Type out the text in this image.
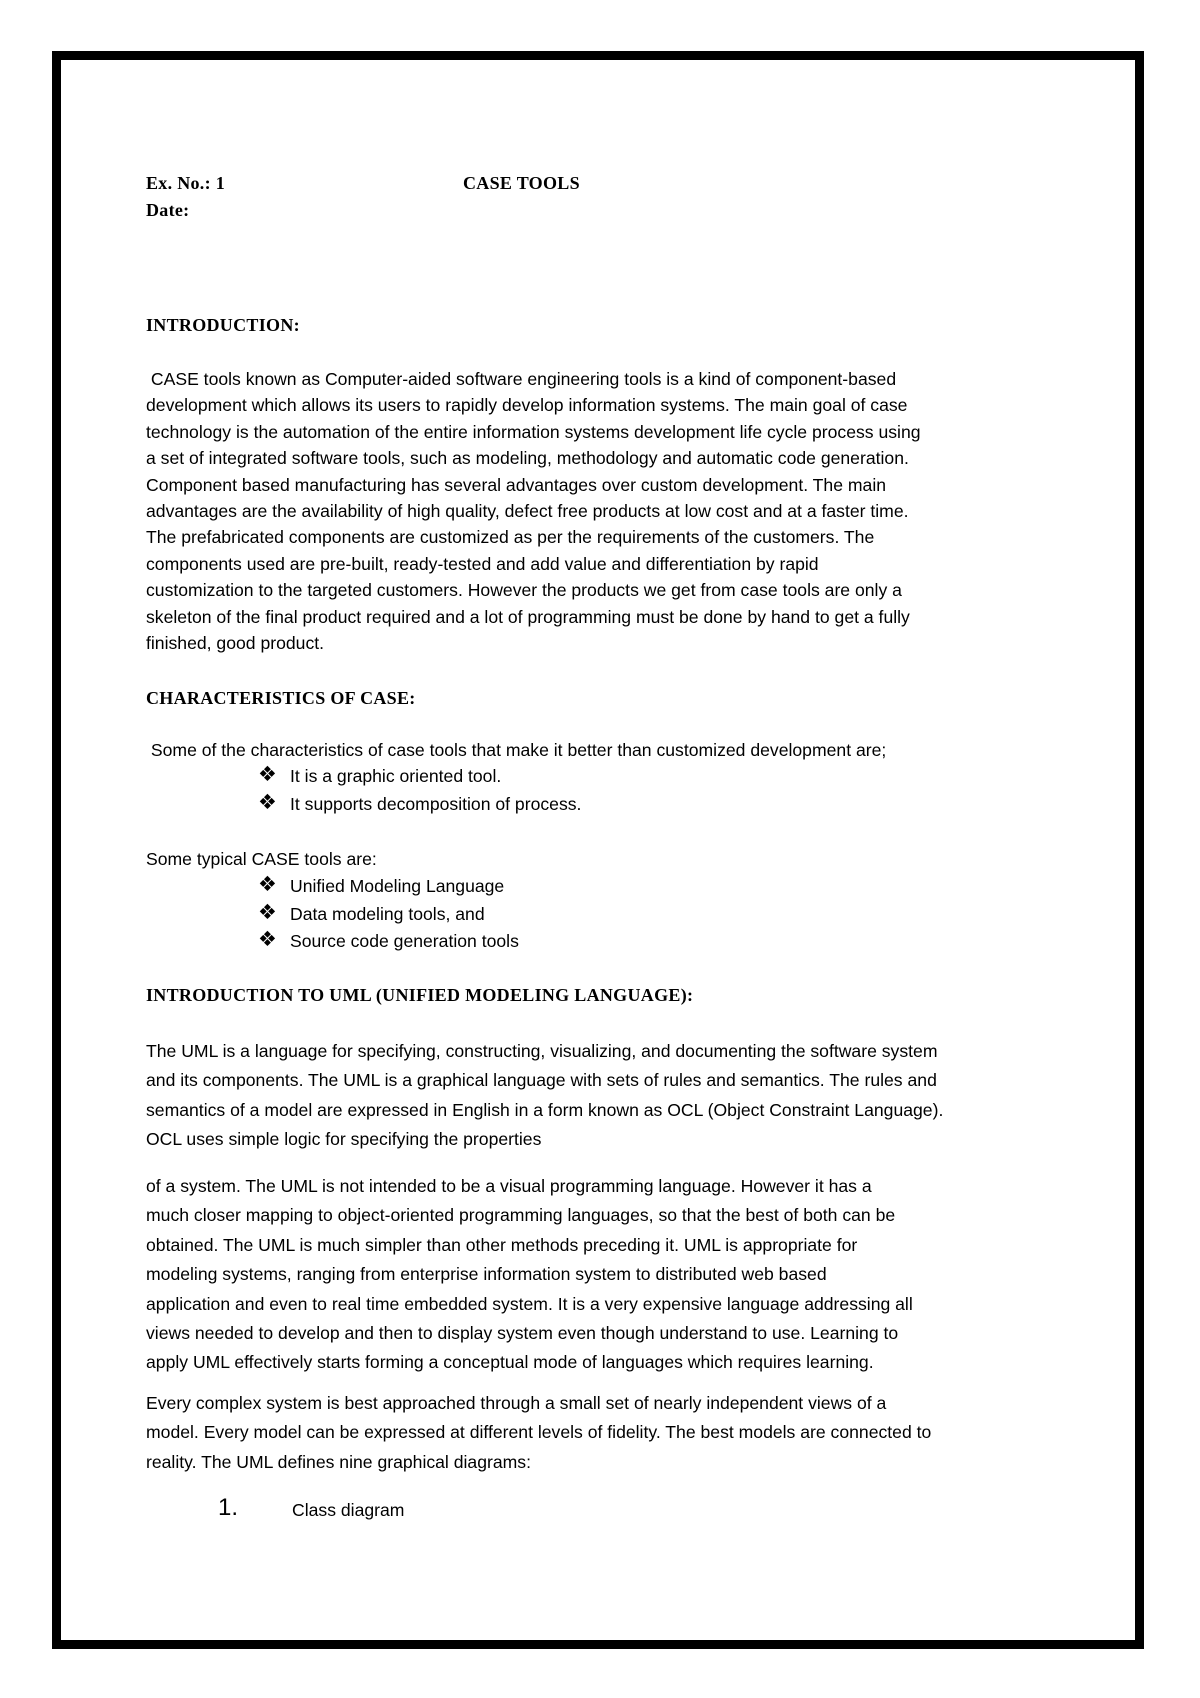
Ex. No.: 1	CASE TOOLS
Date:
INTRODUCTION:
CASE tools known as Computer-aided software engineering tools is a kind of component-based
development which allows its users to rapidly develop information systems. The main goal of case
technology is the automation of the entire information systems development life cycle process using
a set of integrated software tools, such as modeling, methodology and automatic code generation.
Component based manufacturing has several advantages over custom development. The main
advantages are the availability of high quality, defect free products at low cost and at a faster time.
The prefabricated components are customized as per the requirements of the customers. The
components used are pre-built, ready-tested and add value and differentiation by rapid
customization to the targeted customers. However the products we get from case tools are only a
skeleton of the final product required and a lot of programming must be done by hand to get a fully
finished, good product.
CHARACTERISTICS OF CASE:
Some of the characteristics of case tools that make it better than customized development are;
❖ It is a graphic oriented tool.
❖ It supports decomposition of process.
Some typical CASE tools are:
❖ Unified Modeling Language
❖ Data modeling tools, and
❖ Source code generation tools
INTRODUCTION TO UML (UNIFIED MODELING LANGUAGE):
The UML is a language for specifying, constructing, visualizing, and documenting the software system
and its components. The UML is a graphical language with sets of rules and semantics. The rules and
semantics of a model are expressed in English in a form known as OCL (Object Constraint Language).
OCL uses simple logic for specifying the properties
of a system. The UML is not intended to be a visual programming language. However it has a
much closer mapping to object-oriented programming languages, so that the best of both can be
obtained. The UML is much simpler than other methods preceding it. UML is appropriate for
modeling systems, ranging from enterprise information system to distributed web based
application and even to real time embedded system. It is a very expensive language addressing all
views needed to develop and then to display system even though understand to use. Learning to
apply UML effectively starts forming a conceptual mode of languages which requires learning.
Every complex system is best approached through a small set of nearly independent views of a
model. Every model can be expressed at different levels of fidelity. The best models are connected to
reality. The UML defines nine graphical diagrams:
1.	Class diagram
